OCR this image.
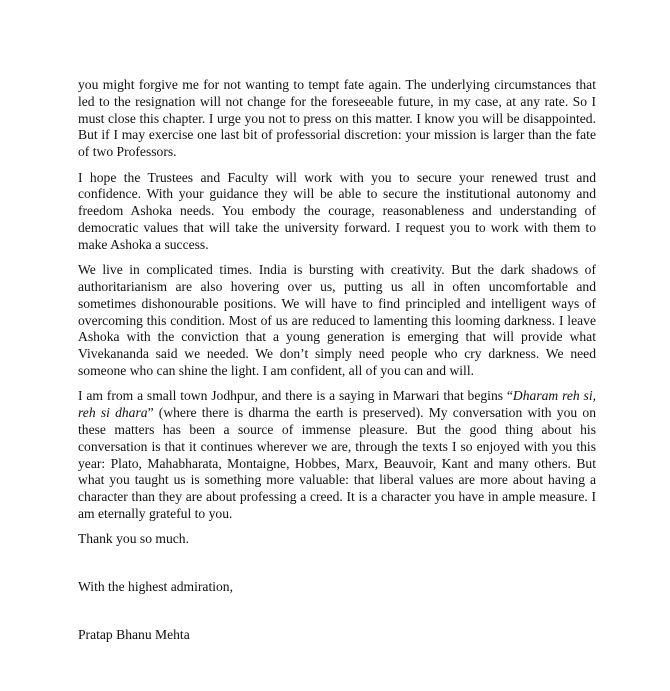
you might forgive me for not wanting to tempt fate again. The underlying circumstances that led to the resignation will not change for the foreseeable future, in my case, at any rate. So I must close this chapter. I urge you not to press on this matter. I know you will be disappointed. But if I may exercise one last bit of professorial discretion: your mission is larger than the fate of two Professors.

I hope the Trustees and Faculty will work with you to secure your renewed trust and confidence. With your guidance they will be able to secure the institutional autonomy and freedom Ashoka needs. You embody the courage, reasonableness and understanding of democratic values that will take the university forward. I request you to work with them to make Ashoka a success.

We live in complicated times. India is bursting with creativity. But the dark shadows of authoritarianism are also hovering over us, putting us all in often uncomfortable and sometimes dishonourable positions. We will have to find principled and intelligent ways of overcoming this condition. Most of us are reduced to lamenting this looming darkness. I leave Ashoka with the conviction that a young generation is emerging that will provide what Vivekananda said we needed. We don’t simply need people who cry darkness. We need someone who can shine the light. I am confident, all of you can and will.

I am from a small town Jodhpur, and there is a saying in Marwari that begins “Dharam reh si, reh si dhara” (where there is dharma the earth is preserved). My conversation with you on these matters has been a source of immense pleasure. But the good thing about his conversation is that it continues wherever we are, through the texts I so enjoyed with you this year: Plato, Mahabharata, Montaigne, Hobbes, Marx, Beauvoir, Kant and many others. But what you taught us is something more valuable: that liberal values are more about having a character than they are about professing a creed. It is a character you have in ample measure. I am eternally grateful to you.

Thank you so much.

With the highest admiration,

Pratap Bhanu Mehta
